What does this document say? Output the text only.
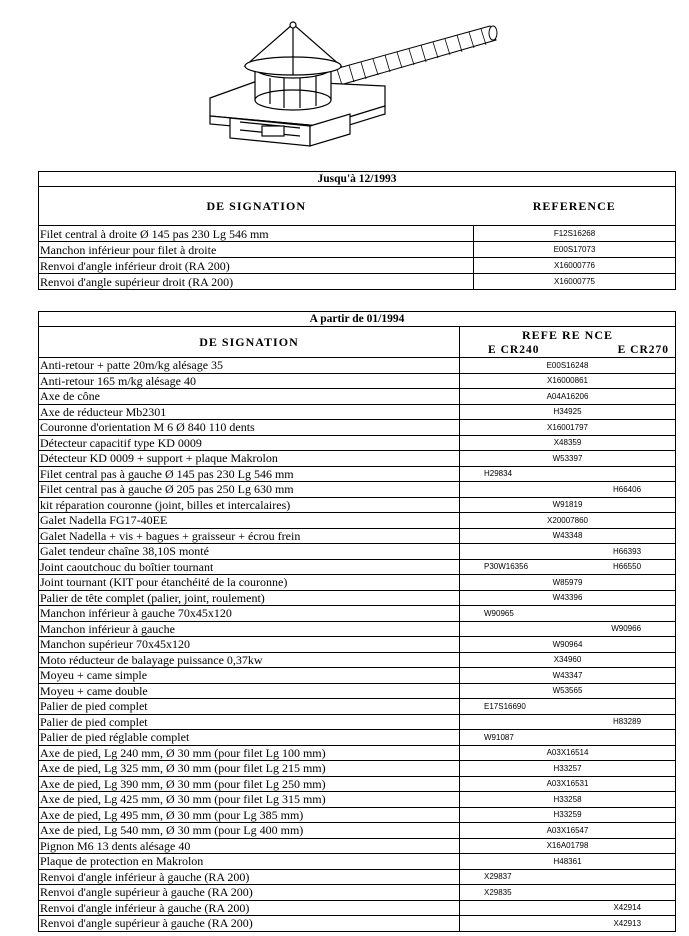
Jusqu'à 12/1993	
DE SIGNATION	REFERENCE
Filet central à droite Ø 145 pas 230 Lg 546 mm	F12S16268
Manchon inférieur pour filet à droite	E00S17073
Renvoi d'angle inférieur droit (RA 200)	X16000776
Renvoi d'angle supérieur droit (RA 200)	X16000775
A partir de 01/1994		
DE SIGNATION	REFE RE NCE	
	E CR240	E CR270
Anti-retour + patte 20m/kg alésage 35	E00S16248	
Anti-retour 165 m/kg alésage 40	X16000861	
Axe de cône	A04A16206	
Axe de réducteur Mb2301	H34925	
Couronne d'orientation M 6 Ø 840 110 dents	X16001797	
Détecteur capacitif type KD 0009	X48359	
Détecteur KD 0009 + support + plaque Makrolon	W53397	
Filet central pas à gauche Ø 145 pas 230 Lg 546 mm	H29834	
Filet central pas à gauche Ø 205 pas 250 Lg 630 mm		H66406
kit réparation couronne (joint, billes et intercalaires)	W91819	
Galet Nadella FG17-40EE	X20007860	
Galet Nadella + vis + bagues + graisseur + écrou frein	W43348	
Galet tendeur chaîne 38,10S monté		H66393
Joint caoutchouc du boîtier tournant	P30W16356	H66550
Joint tournant (KIT pour étanchéité de la couronne)	W85979	
Palier de tête complet (palier, joint, roulement)	W43396	
Manchon inférieur à gauche 70x45x120	W90965	
Manchon inférieur à gauche		W90966
Manchon supérieur 70x45x120	W90964	
Moto réducteur de balayage puissance 0,37kw	X34960	
Moyeu + came simple	W43347	
Moyeu + came double	W53565	
Palier de pied complet	E17S16690	
Palier de pied complet		H83289
Palier de pied réglable complet	W91087	
Axe de pied, Lg 240 mm, Ø 30 mm (pour filet Lg 100 mm)	A03X16514	
Axe de pied, Lg 325 mm, Ø 30 mm (pour filet Lg 215 mm)	H33257	
Axe de pied, Lg 390 mm, Ø 30 mm (pour filet Lg 250 mm)	A03X16531	
Axe de pied, Lg 425 mm, Ø 30 mm (pour filet Lg 315 mm)	H33258	
Axe de pied, Lg 495 mm, Ø 30 mm (pour Lg 385 mm)	H33259	
Axe de pied, Lg 540 mm, Ø 30 mm (pour Lg 400 mm)	A03X16547	
Pignon M6 13 dents alésage 40	X16A01798	
Plaque de protection en Makrolon	H48361	
Renvoi d'angle inférieur à gauche (RA 200)	X29837	
Renvoi d'angle supérieur à gauche (RA 200)	X29835	
Renvoi d'angle inférieur à gauche (RA 200)		X42914
Renvoi d'angle supérieur à gauche (RA 200)		X42913
